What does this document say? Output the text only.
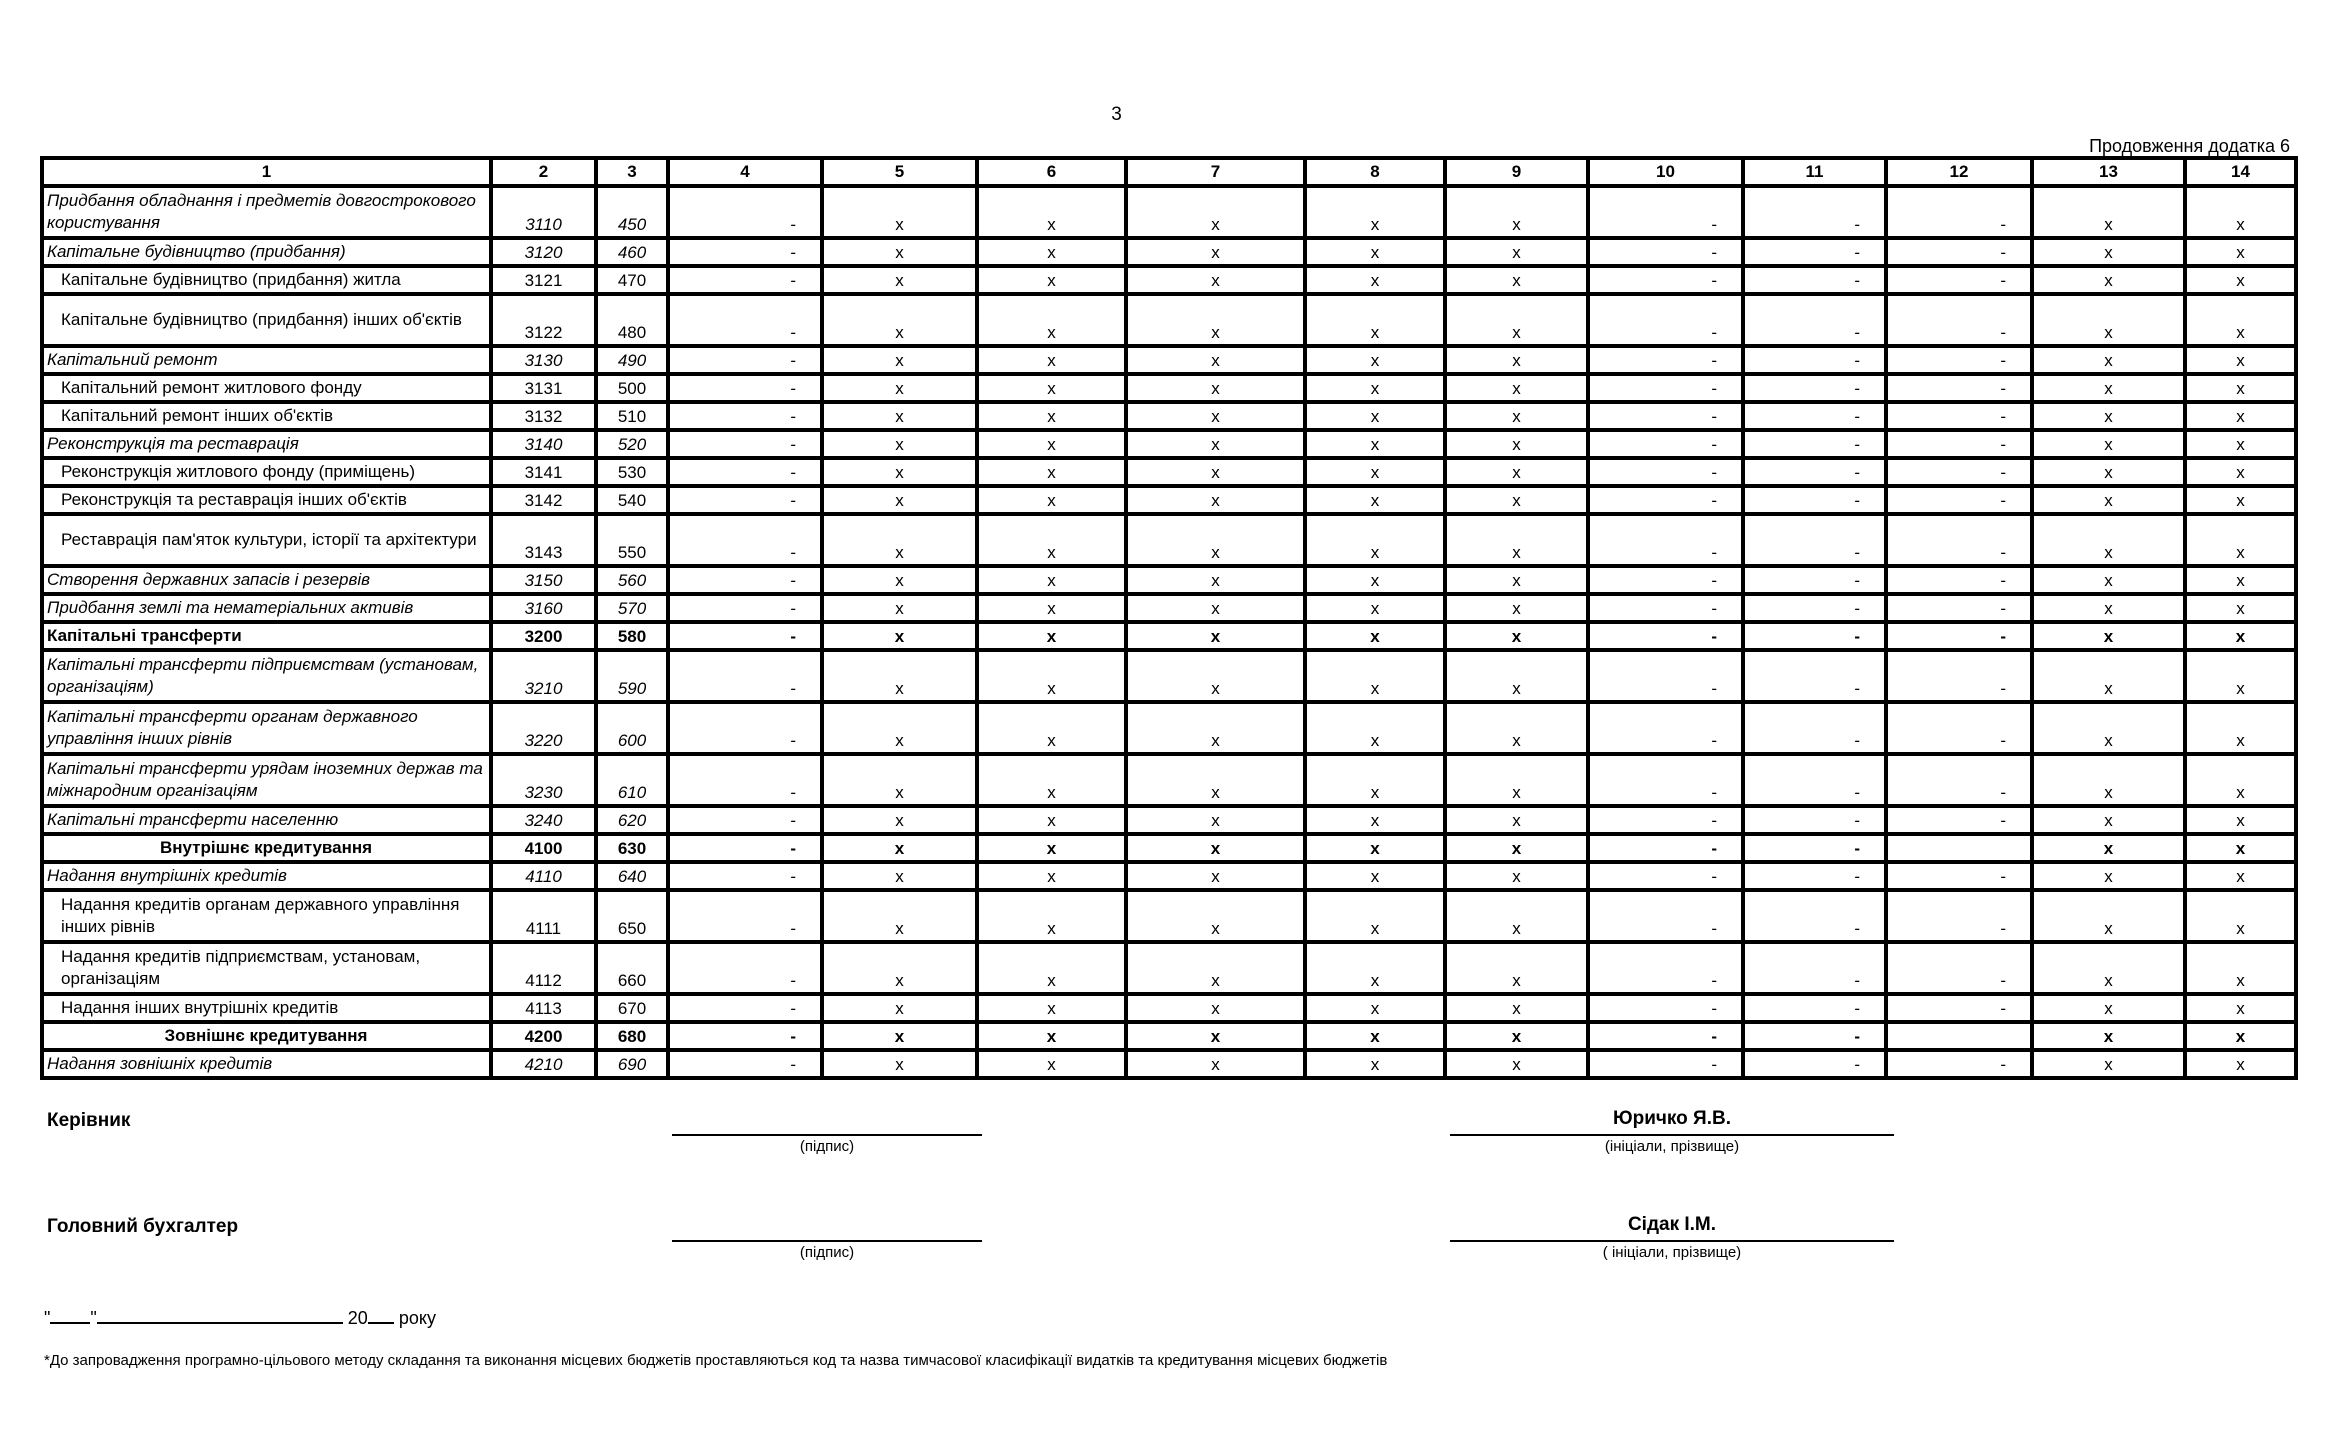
3
Продовження додатка 6
1	2	3	4	5	6	7	8	9	10	11	12	13	14
Придбання обладнання і предметів довгострокового користування	3110	450	-	x	x	x	x	x	-	-	-	x	x
Капітальне будівництво (придбання)	3120	460	-	x	x	x	x	x	-	-	-	x	x

Капітальне будівництво (придбання) житла	3121	470	-	x	x	x	x	x	-	-	-	x	x

Капітальне будівництво (придбання) інших об'єктів	3122	480	-	x	x	x	x	x	-	-	-	x	x
Капітальний ремонт	3130	490	-	x	x	x	x	x	-	-	-	x	x

Капітальний ремонт житлового фонду	3131	500	-	x	x	x	x	x	-	-	-	x	x

Капітальний ремонт інших об'єктів	3132	510	-	x	x	x	x	x	-	-	-	x	x
Реконструкція та реставрація	3140	520	-	x	x	x	x	x	-	-	-	x	x

Реконструкція житлового фонду (приміщень)	3141	530	-	x	x	x	x	x	-	-	-	x	x

Реконструкція та реставрація інших об'єктів	3142	540	-	x	x	x	x	x	-	-	-	x	x

Реставрація пам'яток культури, історії та архітектури	3143	550	-	x	x	x	x	x	-	-	-	x	x
Створення державних запасів і резервів	3150	560	-	x	x	x	x	x	-	-	-	x	x
Придбання землі та нематеріальних активів	3160	570	-	x	x	x	x	x	-	-	-	x	x
Капітальні трансферти	3200	580	-	x	x	x	x	x	-	-	-	x	x
Капітальні трансферти підприємствам (установам, організаціям)	3210	590	-	x	x	x	x	x	-	-	-	x	x
Капітальні трансферти органам державного управління інших рівнів	3220	600	-	x	x	x	x	x	-	-	-	x	x
Капітальні трансферти урядам іноземних держав та міжнародним організаціям	3230	610	-	x	x	x	x	x	-	-	-	x	x
Капітальні трансферти населенню	3240	620	-	x	x	x	x	x	-	-	-	x	x
Внутрішнє кредитування	4100	630	-	x	x	x	x	x	-	-		x	x
Надання внутрішніх кредитів	4110	640	-	x	x	x	x	x	-	-	-	x	x

Надання кредитів органам державного управління інших рівнів	4111	650	-	x	x	x	x	x	-	-	-	x	x

Надання кредитів підприємствам, установам, організаціям	4112	660	-	x	x	x	x	x	-	-	-	x	x

Надання інших внутрішніх кредитів	4113	670	-	x	x	x	x	x	-	-	-	x	x
Зовнішнє кредитування	4200	680	-	x	x	x	x	x	-	-		x	x
Надання зовнішніх кредитів	4210	690	-	x	x	x	x	x	-	-	-	x	x
Керівник
(підпис)
Юричко Я.В.
(ініціали, прізвище)
Головний бухгалтер
(підпис)
Сідак І.М.
( ініціали, прізвище)
" "	20 року
*До запровадження програмно-цільового методу складання та виконання місцевих бюджетів проставляються код та назва тимчасової класифікації видатків та кредитування місцевих бюджетів
